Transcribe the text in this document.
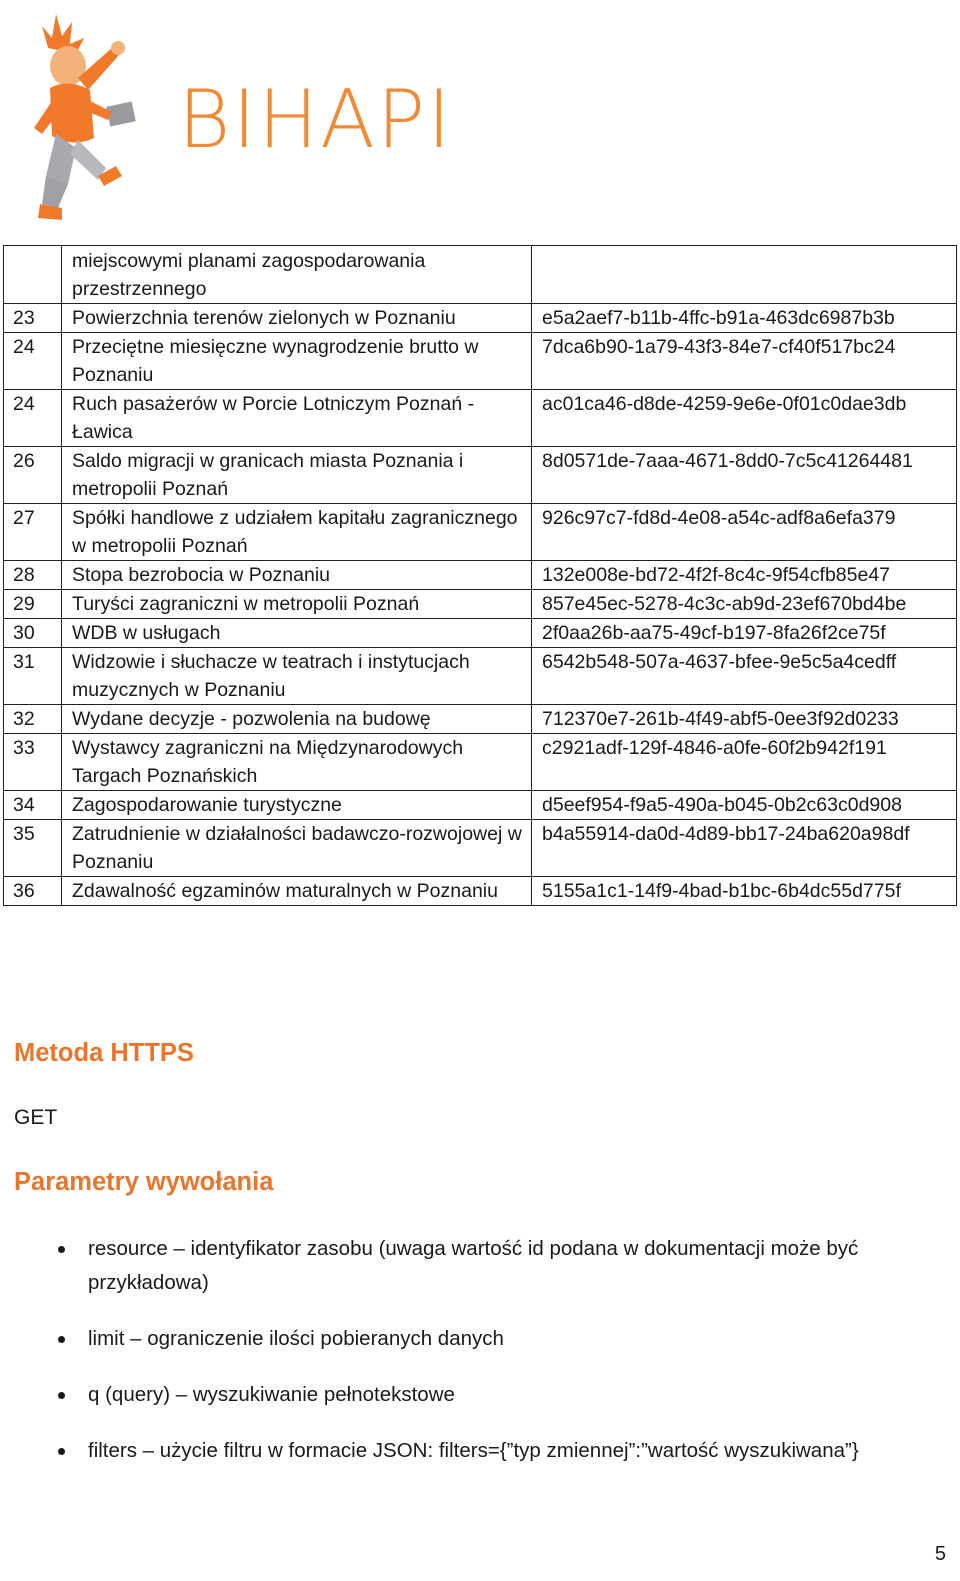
BIHAPI
	miejscowymi planami zagospodarowania przestrzennego	
23	Powierzchnia terenów zielonych w Poznaniu	e5a2aef7-b11b-4ffc-b91a-463dc6987b3b
24	Przeciętne miesięczne wynagrodzenie brutto w Poznaniu	7dca6b90-1a79-43f3-84e7-cf40f517bc24
24	Ruch pasażerów w Porcie Lotniczym Poznań - Ławica	ac01ca46-d8de-4259-9e6e-0f01c0dae3db
26	Saldo migracji w granicach miasta Poznania i metropolii Poznań	8d0571de-7aaa-4671-8dd0-7c5c41264481
27	Spółki handlowe z udziałem kapitału zagranicznego w metropolii Poznań	926c97c7-fd8d-4e08-a54c-adf8a6efa379
28	Stopa bezrobocia w Poznaniu	132e008e-bd72-4f2f-8c4c-9f54cfb85e47
29	Turyści zagraniczni w metropolii Poznań	857e45ec-5278-4c3c-ab9d-23ef670bd4be
30	WDB w usługach	2f0aa26b-aa75-49cf-b197-8fa26f2ce75f
31	Widzowie i słuchacze w teatrach i instytucjach muzycznych w Poznaniu	6542b548-507a-4637-bfee-9e5c5a4cedff
32	Wydane decyzje - pozwolenia na budowę	712370e7-261b-4f49-abf5-0ee3f92d0233
33	Wystawcy zagraniczni na Międzynarodowych Targach Poznańskich	c2921adf-129f-4846-a0fe-60f2b942f191
34	Zagospodarowanie turystyczne	d5eef954-f9a5-490a-b045-0b2c63c0d908
35	Zatrudnienie w działalności badawczo-rozwojowej w Poznaniu	b4a55914-da0d-4d89-bb17-24ba620a98df
36	Zdawalność egzaminów maturalnych w Poznaniu	5155a1c1-14f9-4bad-b1bc-6b4dc55d775f
Metoda HTTPS
GET
Parametry wywołania
resource – identyfikator zasobu (uwaga wartość id podana w dokumentacji może być przykładowa)
limit – ograniczenie ilości pobieranych danych
q (query) – wyszukiwanie pełnotekstowe
filters – użycie filtru w formacie JSON: filters={”typ zmiennej”:”wartość wyszukiwana”}
5
